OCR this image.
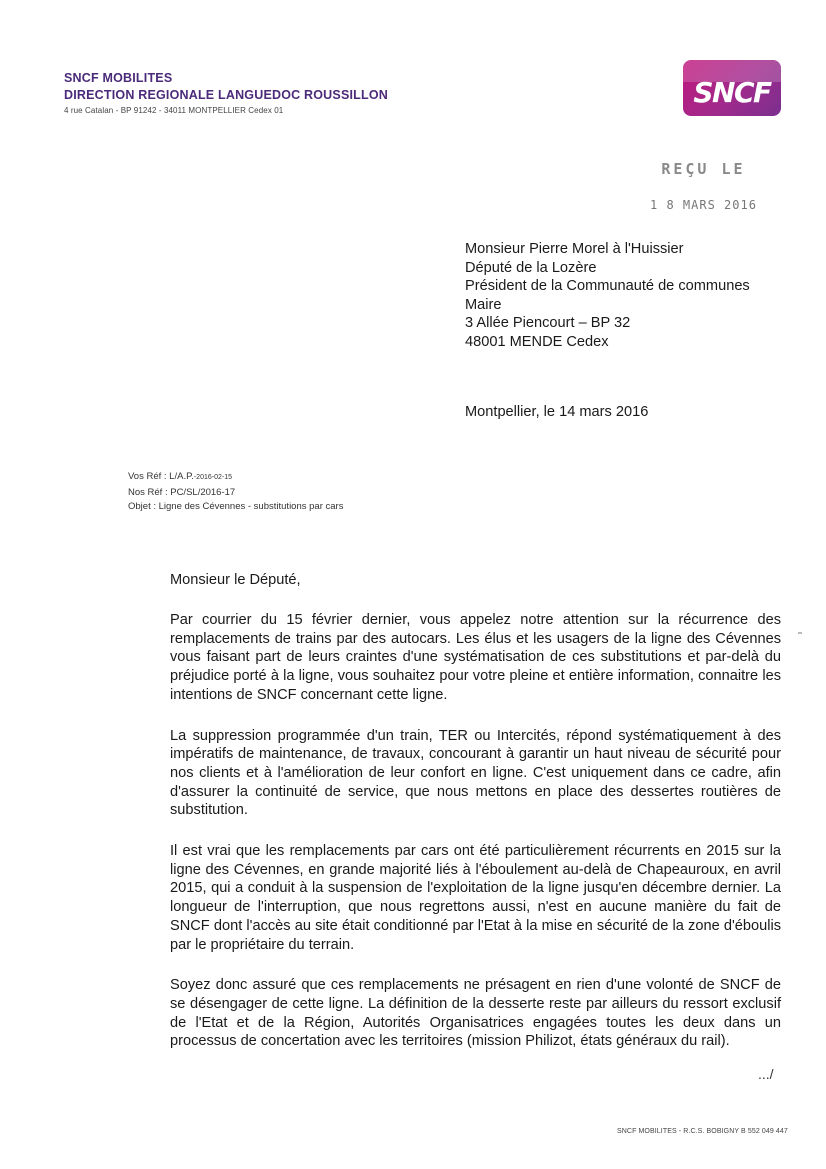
SNCF MOBILITES
DIRECTION REGIONALE LANGUEDOC ROUSSILLON
4 rue Catalan - BP 91242 - 34011 MONTPELLIER Cedex 01
SNCF
REÇU LE
1 8 MARS 2016
Monsieur Pierre Morel à l'Huissier
Député de la Lozère
Président de la Communauté de communes
Maire
3 Allée Piencourt – BP 32
48001 MENDE Cedex
Montpellier, le 14 mars 2016
Vos Réf : L/A.P.-2016-02-15
Nos Réf : PC/SL/2016-17
Objet : Ligne des Cévennes - substitutions par cars
Monsieur le Député,

Par courrier du 15 février dernier, vous appelez notre attention sur la récurrence des remplacements de trains par des autocars. Les élus et les usagers de la ligne des Cévennes vous faisant part de leurs craintes d'une systématisation de ces substitutions et par-delà du préjudice porté à la ligne, vous souhaitez pour votre pleine et entière information, connaitre les intentions de SNCF concernant cette ligne.

La suppression programmée d'un train, TER ou Intercités, répond systématiquement à des impératifs de maintenance, de travaux, concourant à garantir un haut niveau de sécurité pour nos clients et à l'amélioration de leur confort en ligne. C'est uniquement dans ce cadre, afin d'assurer la continuité de service, que nous mettons en place des dessertes routières de substitution.

Il est vrai que les remplacements par cars ont été particulièrement récurrents en 2015 sur la ligne des Cévennes, en grande majorité liés à l'éboulement au-delà de Chapeauroux, en avril 2015, qui a conduit à la suspension de l'exploitation de la ligne jusqu'en décembre dernier. La longueur de l'interruption, que nous regrettons aussi, n'est en aucune manière du fait de SNCF dont l'accès au site était conditionné par l'Etat à la mise en sécurité de la zone d'éboulis par le propriétaire du terrain.

Soyez donc assuré que ces remplacements ne présagent en rien d'une volonté de SNCF de se désengager de cette ligne. La définition de la desserte reste par ailleurs du ressort exclusif de l'Etat et de la Région, Autorités Organisatrices engagées toutes les deux dans un processus de concertation avec les territoires (mission Philizot, états généraux du rail).

.../
SNCF MOBILITES - R.C.S. BOBIGNY B 552 049 447
